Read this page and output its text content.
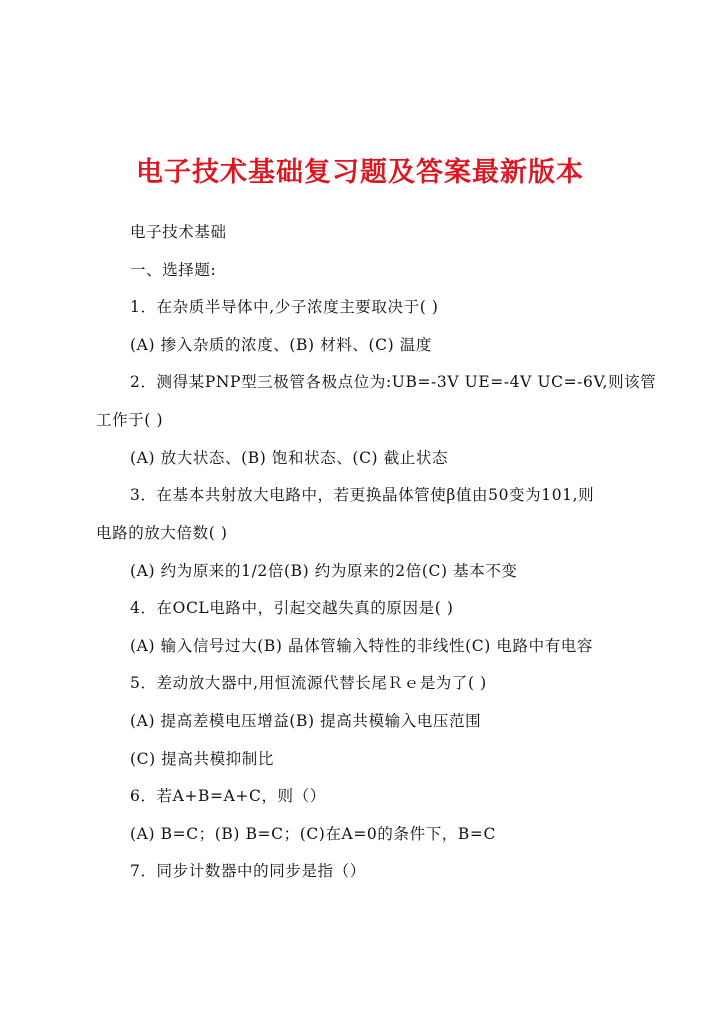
电子技术基础复习题及答案最新版本
电子技术基础
一、选择题:
1．在杂质半导体中,少子浓度主要取决于( )
(A) 掺入杂质的浓度、(B) 材料、(C) 温度
2．测得某PNP型三极管各极点位为:UB=-3V UE=-4V UC=-6V,则该管
工作于( )
(A) 放大状态、(B) 饱和状态、(C) 截止状态
3．在基本共射放大电路中，若更换晶体管使β值由50变为101,则
电路的放大倍数( )
(A) 约为原来的1/2倍(B) 约为原来的2倍(C) 基本不变
4．在OCL电路中，引起交越失真的原因是( )
(A) 输入信号过大(B) 晶体管输入特性的非线性(C) 电路中有电容
5．差动放大器中,用恒流源代替长尾Ｒｅ是为了( )
(A) 提高差模电压增益(B) 提高共模输入电压范围
(C) 提高共模抑制比
6．若A+B=A+C，则（）
(A) B=C；(B) B=C；(C)在A=0的条件下，B=C
7．同步计数器中的同步是指（）
